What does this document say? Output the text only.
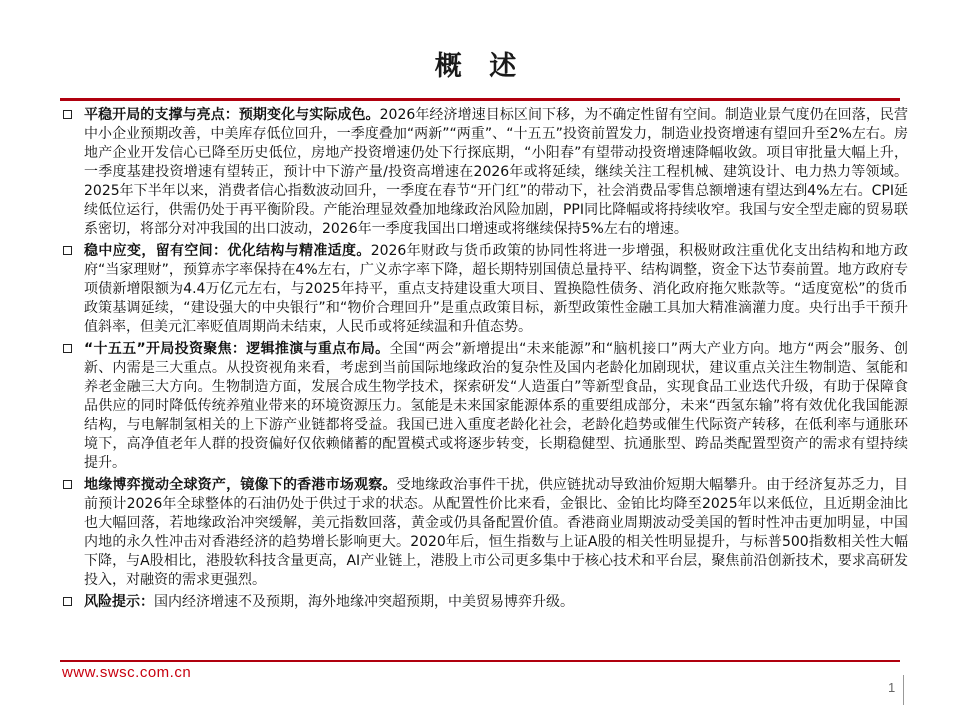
概 述
平稳开局的支撑与亮点：预期变化与实际成色。2026年经济增速目标区间下移，为不确定性留有空间。制造业景气度仍在回落，民营中小企业预期改善，中美库存低位回升，一季度叠加“两新”“两重”、“十五五”投资前置发力，制造业投资增速有望回升至2%左右。房地产企业开发信心已降至历史低位，房地产投资增速仍处下行探底期，“小阳春”有望带动投资增速降幅收敛。项目审批量大幅上升，一季度基建投资增速有望转正，预计中下游产量/投资高增速在2026年或将延续，继续关注工程机械、建筑设计、电力热力等领域。2025年下半年以来，消费者信心指数波动回升，一季度在春节“开门红”的带动下，社会消费品零售总额增速有望达到4%左右。CPI延续低位运行，供需仍处于再平衡阶段。产能治理显效叠加地缘政治风险加剧，PPI同比降幅或将持续收窄。我国与安全型走廊的贸易联系密切，将部分对冲我国的出口波动，2026年一季度我国出口增速或将继续保持5%左右的增速。
稳中应变，留有空间：优化结构与精准适度。2026年财政与货币政策的协同性将进一步增强，积极财政注重优化支出结构和地方政府“当家理财”，预算赤字率保持在4%左右，广义赤字率下降，超长期特别国债总量持平、结构调整，资金下达节奏前置。地方政府专项债新增限额为4.4万亿元左右，与2025年持平，重点支持建设重大项目、置换隐性债务、消化政府拖欠账款等。“适度宽松”的货币政策基调延续，“建设强大的中央银行”和“物价合理回升”是重点政策目标，新型政策性金融工具加大精准滴灌力度。央行出手干预升值斜率，但美元汇率贬值周期尚未结束，人民币或将延续温和升值态势。
“十五五”开局投资聚焦：逻辑推演与重点布局。全国“两会”新增提出“未来能源”和“脑机接口”两大产业方向。地方“两会”服务、创新、内需是三大重点。从投资视角来看，考虑到当前国际地缘政治的复杂性及国内老龄化加剧现状，建议重点关注生物制造、氢能和养老金融三大方向。生物制造方面，发展合成生物学技术，探索研发“人造蛋白”等新型食品，实现食品工业迭代升级，有助于保障食品供应的同时降低传统养殖业带来的环境资源压力。氢能是未来国家能源体系的重要组成部分，未来“西氢东输”将有效优化我国能源结构，与电解制氢相关的上下游产业链都将受益。我国已进入重度老龄化社会，老龄化趋势或催生代际资产转移，在低利率与通胀环境下，高净值老年人群的投资偏好仅依赖储蓄的配置模式或将逐步转变，长期稳健型、抗通胀型、跨品类配置型资产的需求有望持续提升。
地缘博弈搅动全球资产，镜像下的香港市场观察。受地缘政治事件干扰，供应链扰动导致油价短期大幅攀升。由于经济复苏乏力，目前预计2026年全球整体的石油仍处于供过于求的状态。从配置性价比来看，金银比、金铂比均降至2025年以来低位，且近期金油比也大幅回落，若地缘政治冲突缓解，美元指数回落，黄金或仍具备配置价值。香港商业周期波动受美国的暂时性冲击更加明显，中国内地的永久性冲击对香港经济的趋势增长影响更大。2020年后，恒生指数与上证A股的相关性明显提升，与标普500指数相关性大幅下降，与A股相比，港股软科技含量更高，AI产业链上，港股上市公司更多集中于核心技术和平台层，聚焦前沿创新技术，要求高研发投入，对融资的需求更强烈。
风险提示：国内经济增速不及预期，海外地缘冲突超预期，中美贸易博弈升级。
www.swsc.com.cn
1
